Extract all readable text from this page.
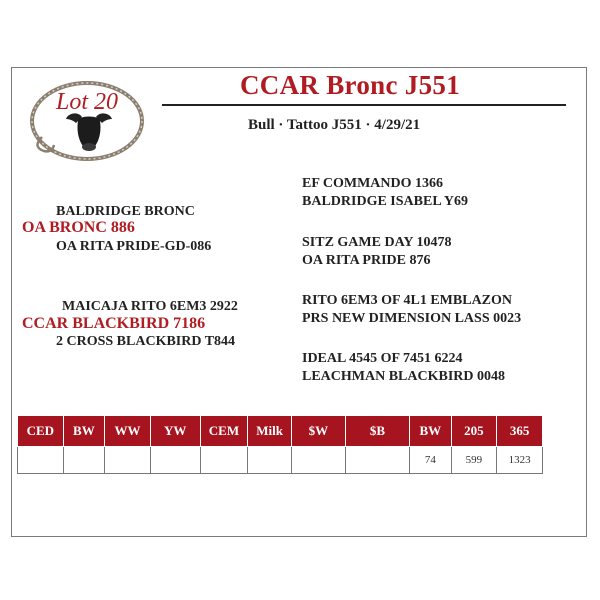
Lot 20
CCAR Bronc J551
Bull · Tattoo J551 · 4/29/21
BALDRIDGE BRONC
OA BRONC 886
OA RITA PRIDE-GD-086
MAICAJA RITO 6EM3 2922
CCAR BLACKBIRD 7186
2 CROSS BLACKBIRD T844
EF COMMANDO 1366
BALDRIDGE ISABEL Y69
SITZ GAME DAY 10478
OA RITA PRIDE 876
RITO 6EM3 OF 4L1 EMBLAZON
PRS NEW DIMENSION LASS 0023
IDEAL 4545 OF 7451 6224
LEACHMAN BLACKBIRD 0048
CED	BW	WW	YW	CEM	Milk	$W	$B	BW	205	365
								74	599	1323
